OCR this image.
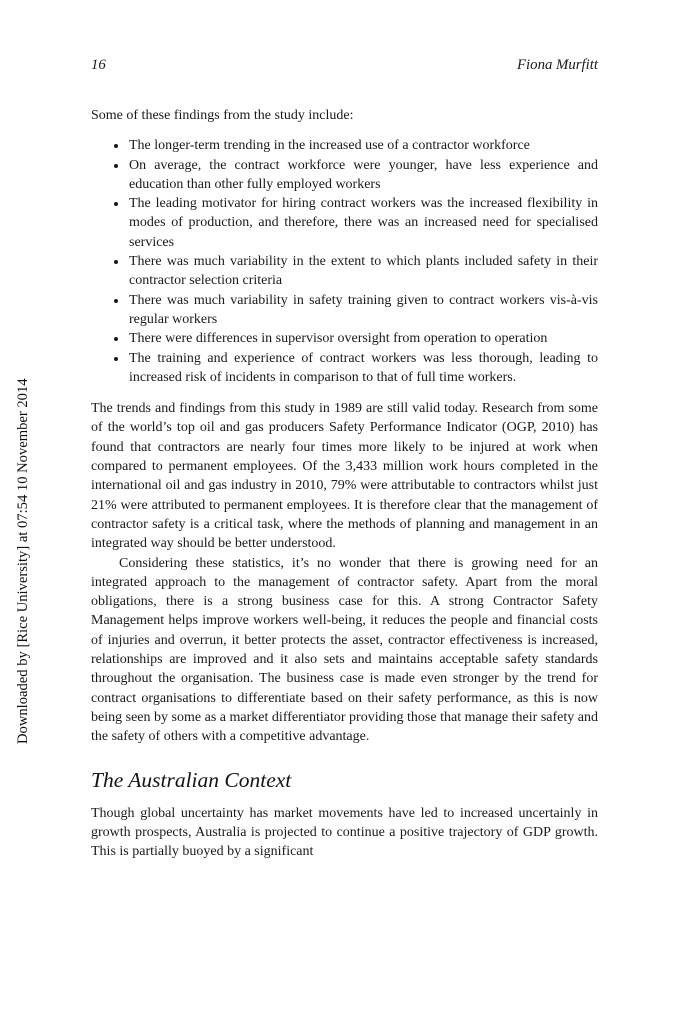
Downloaded by [Rice University] at 07:54 10 November 2014
16	Fiona Murfitt

Some of these findings from the study include:

• The longer-term trending in the increased use of a contractor workforce
• On average, the contract workforce were younger, have less experience and education than other fully employed workers
• The leading motivator for hiring contract workers was the increased flexibility in modes of production, and therefore, there was an increased need for specialised services
• There was much variability in the extent to which plants included safety in their contractor selection criteria
• There was much variability in safety training given to contract workers vis-à-vis regular workers
• There were differences in supervisor oversight from operation to operation
• The training and experience of contract workers was less thorough, leading to increased risk of incidents in comparison to that of full time workers.

The trends and findings from this study in 1989 are still valid today. Research from some of the world’s top oil and gas producers Safety Performance Indicator (OGP, 2010) has found that contractors are nearly four times more likely to be injured at work when compared to permanent employees. Of the 3,433 million work hours completed in the international oil and gas industry in 2010, 79% were attributable to contractors whilst just 21% were attributed to permanent employees. It is therefore clear that the management of contractor safety is a critical task, where the methods of planning and management in an integrated way should be better understood.

Considering these statistics, it’s no wonder that there is growing need for an integrated approach to the management of contractor safety. Apart from the moral obligations, there is a strong business case for this. A strong Contractor Safety Management helps improve workers well-being, it reduces the people and financial costs of injuries and overrun, it better protects the asset, contractor effectiveness is increased, relationships are improved and it also sets and maintains acceptable safety standards throughout the organisation. The business case is made even stronger by the trend for contract organisations to differentiate based on their safety performance, as this is now being seen by some as a market differentiator providing those that manage their safety and the safety of others with a competitive advantage.

The Australian Context

Though global uncertainty has market movements have led to increased uncertainly in growth prospects, Australia is projected to continue a positive trajectory of GDP growth. This is partially buoyed by a significant
